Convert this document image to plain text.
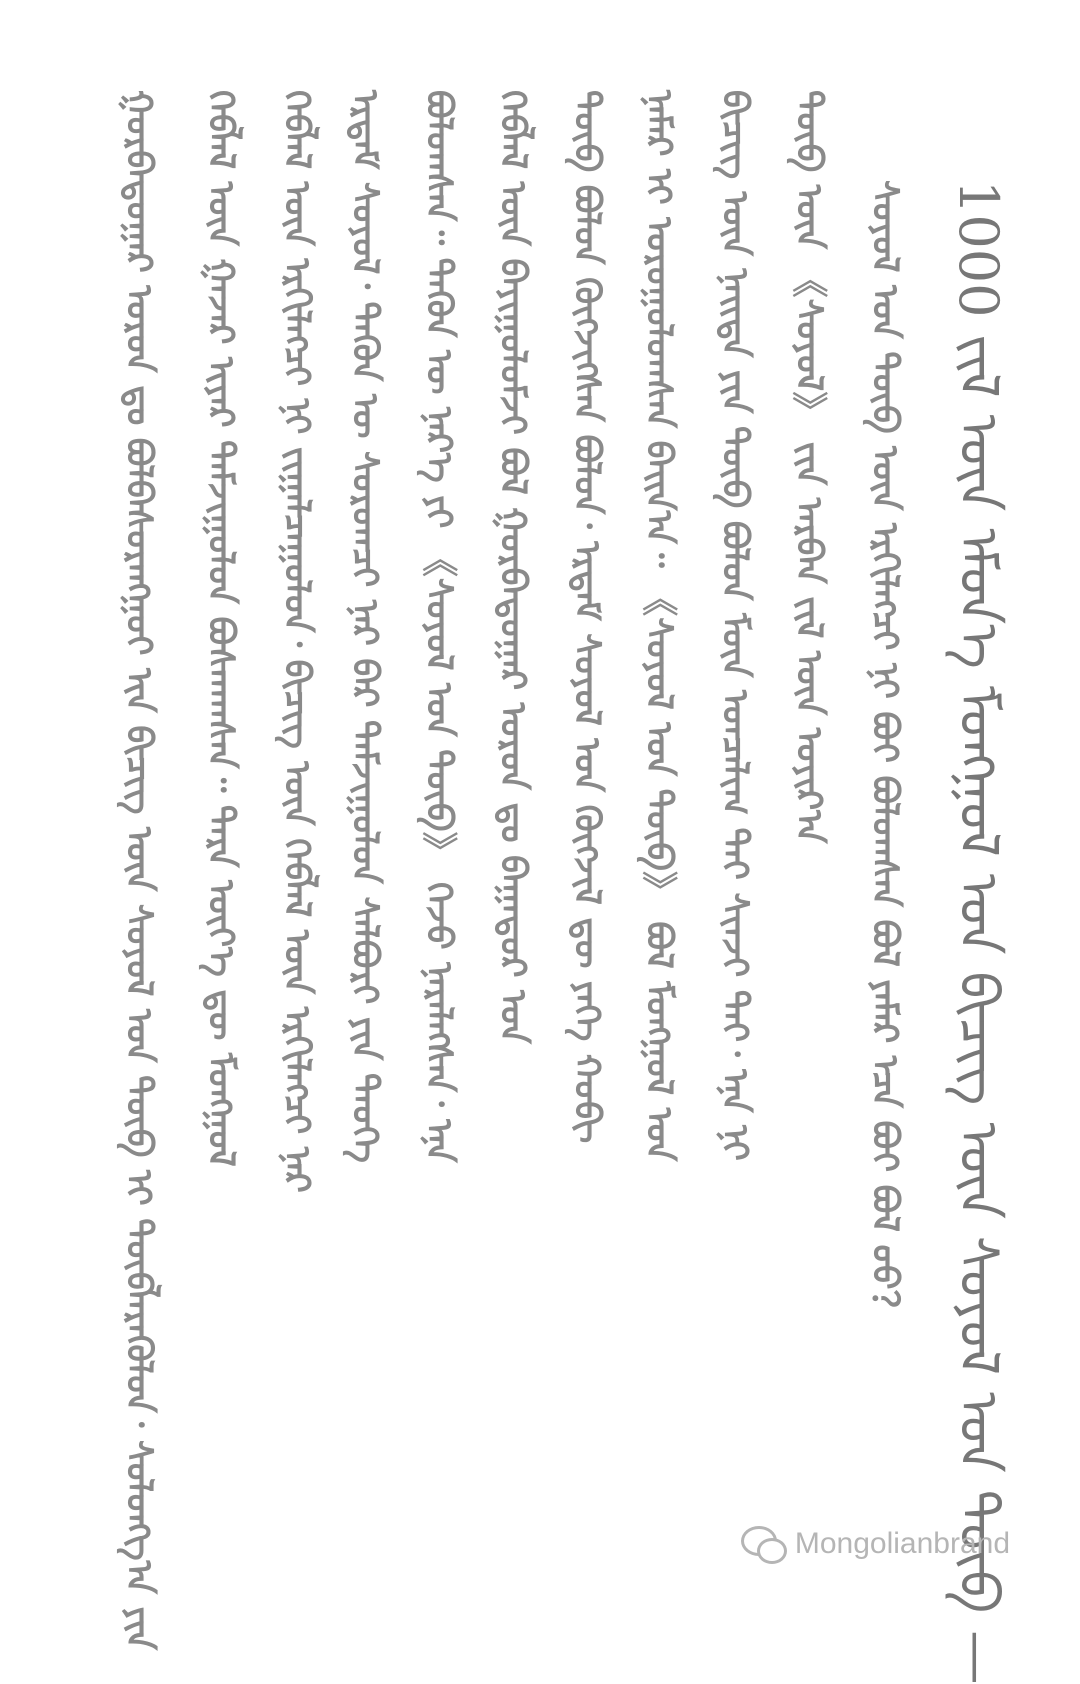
ᠭᠤᠷᠪᠠᠳᠤᠭᠠᠷ ᠤᠷᠤᠨ ᠳᠤ ᠪᠣᠯᠪᠠᠰᠤᠷᠠᠩᠭᠤᠢ ᠢᠨ ᠪᠢᠴᠢᠭ ᠦᠨ ᠰᠣᠶᠣᠯ ᠤᠨ ᠲᠦᠪ ᠢ ᠲᠥᠪᠯᠡᠷᠡᠭᠦᠯᠦᠨ᠂ ᠰᠣᠯᠣᠩᠭ᠎ᠠ ᠶᠢᠨ ᠬᠡᠪᠯᠡᠯ ᠦᠨ ᠭᠠᠵᠠᠷ ᠢᠶᠠᠷ ᠳᠠᠮᠵᠢᠭᠤᠯᠤᠨ ᠪᠣᠰᠬᠠᠭᠰᠠᠨ᠃ ᠲᠡᠷᠡ ᠦᠶ᠎ᠡ ᠳᠦ ᠮᠣᠩᠭᠣᠯ ᠬᠡᠪᠯᠡᠯ ᠦᠨ ᠡᠷᠬᠢᠯᠡᠭᠴᠢ ᠨᠢ ᠵᠢᠭᠠᠯᠴᠠᠭᠤᠯᠤᠨ᠂ ᠪᠢᠴᠢᠭ ᠦᠨ ᠬᠡᠪᠯᠡᠯ ᠦᠨ ᠡᠷᠬᠢᠯᠡᠭᠴᠢ ᠨᠠᠷ ᠡᠷᠳᠡᠮ ᠰᠣᠶᠣᠯ᠂ ᠲᠡᠭᠦᠨ ᠦ ᠰᠤᠷᠤᠭᠴᠢ ᠨᠠᠷ ᠪᠠᠷ ᠳᠠᠮᠵᠢᠭᠤᠯᠤᠨ ᠰᠠᠯᠪᠤᠷᠢ ᠶᠢᠨ ᠲᠡᠦᠬᠡ ᠪᠣᠯᠤᠭᠰᠠᠨ᠃ ᠲᠡᠭᠦᠨ ᠦ ᠨᠡᠷ᠎ᠡ ᠶᠢ 《ᠰᠣᠶᠣᠯ ᠤᠨ ᠲᠦᠪ》 ᠭᠡᠵᠦ ᠨᠡᠷᠡᠯᠡᠭᠰᠡᠨ᠂ ᠡᠨᠡ ᠬᠡᠪᠯᠡᠯ ᠦᠨ ᠪᠠᠶᠢᠭᠤᠯᠤᠮᠵᠢ ᠪᠣᠯ ᠭᠤᠷᠪᠠᠳᠤᠭᠠᠷ ᠤᠷᠤᠨ ᠳᠤ ᠪᠠᠭᠠᠳᠤᠷ ᠤᠨ ᠲᠥᠪ ᠪᠣᠯᠤᠨ ᠬᠥᠭᠵᠢᠭᠰᠡᠨ ᠪᠣᠯᠤᠨ᠂ ᠡᠷᠳᠡᠮ ᠰᠣᠶᠣᠯ ᠤᠨ ᠬᠥᠭᠵᠢᠯ ᠳᠦ ᠶᠡᠬᠡ ᠬᠤᠪᠢ ᠨᠡᠮᠡᠷ ᠢ ᠣᠷᠣᠭᠤᠯᠤᠭᠰᠠᠨ ᠪᠠᠢᠨ᠎ᠠ᠃ 《ᠰᠣᠶᠣᠯ ᠤᠨ ᠲᠦᠪ》 ᠪᠣᠯ ᠮᠣᠩᠭᠣᠯ ᠤᠨ ᠪᠢᠴᠢᠭ ᠦᠨ ᠨᠡᠢᠲᠡ ᠶᠢᠨ ᠲᠦᠪ ᠪᠣᠯᠤᠨ ᠮᠥᠨ ᠣᠨᠴᠠᠯᠢᠭ ᠲᠠᠢ ᠰᠢᠨᠵᠢ ᠲᠠᠢ᠂ ᠡᠨᠡ ᠨᠢ ᠲᠦᠪ ᠦᠨ 《ᠰᠣᠶᠣᠯ》 ᠵᠢᠨ ᠠᠷᠪᠠᠨ ᠵᠢᠯ ᠦᠨ ᠣᠶᠢᠷ᠎ᠠ ᠰᠣᠶᠣᠯ ᠤᠨ ᠲᠦᠪ ᠦᠨ ᠡᠷᠬᠢᠯᠡᠭᠴᠢ ᠨᠢ ᠪᠤᠢ ᠪᠣᠯᠤᠭᠰᠠᠨ ᠪᠣᠯ ᠶᠠᠮᠠᠷ ᠡᠴᠡ ᠪᠤᠢ ᠪᠣᠯ ᠤᠤ？ 1000 ᠵᠢᠯ ᠦᠨ ᠡᠮᠦᠨ᠎ᠡ ᠮᠣᠩᠭᠣᠯ ᠤᠨ ᠪᠢᠴᠢᠭ ᠦᠨ ᠰᠣᠶᠣᠯ ᠤᠨ ᠲᠦᠪ —
Mongolianbrand
